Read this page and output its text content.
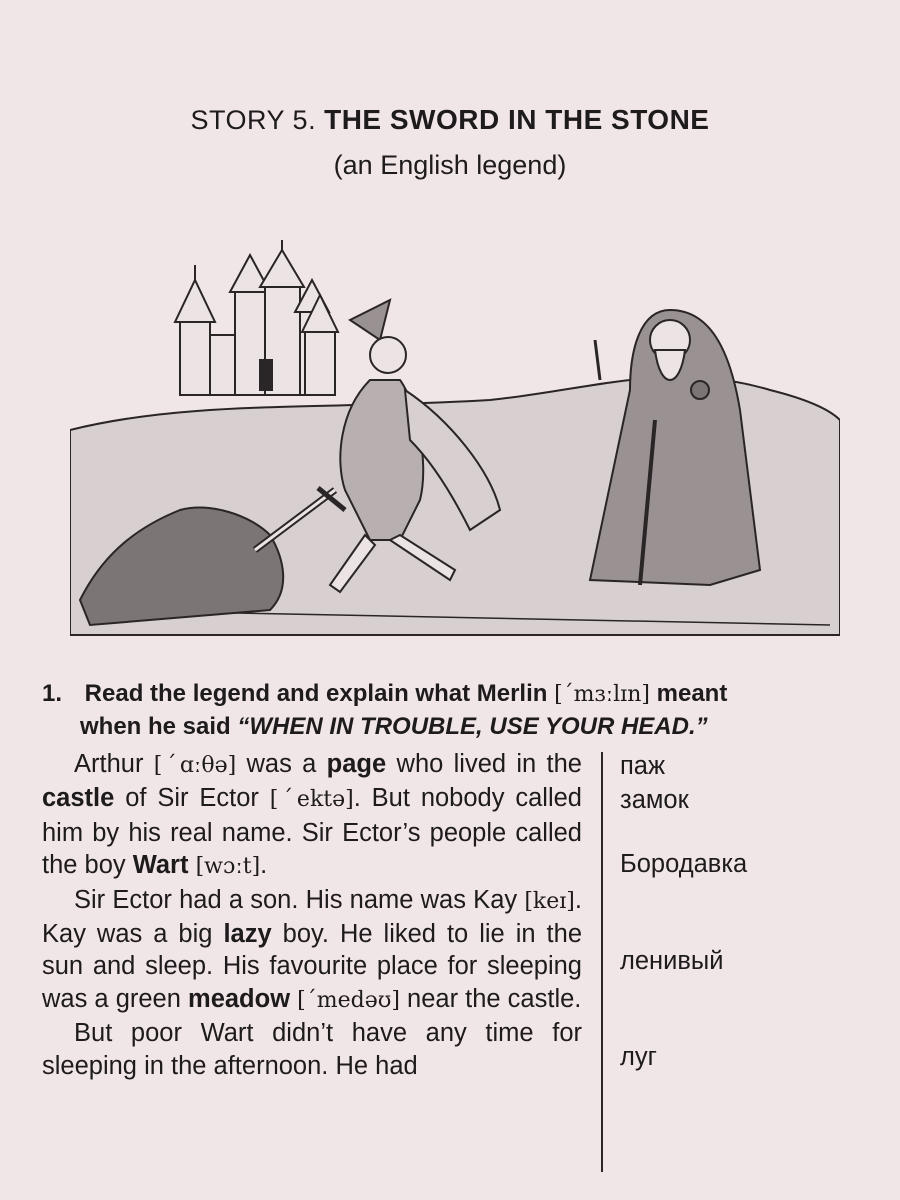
STORY 5. THE SWORD IN THE STONE
(an English legend)
1. Read the legend and explain what Merlin [ˊmɜːlɪn] meant
when he said “WHEN IN TROUBLE, USE YOUR HEAD.”

Arthur [ˊɑːθə] was a page who lived in the castle of Sir Ector [ˊektə]. But nobody called him by his real name. Sir Ector’s people called the boy Wart [wɔːt].

Sir Ector had a son. His name was Kay [keɪ]. Kay was a big lazy boy. He liked to lie in the sun and sleep. His favourite place for sleeping was a green meadow [ˊmedəʊ] near the castle.

But poor Wart didn’t have any time for sleeping in the afternoon. He had

паж
замок
Бородавка
ленивый
луг
